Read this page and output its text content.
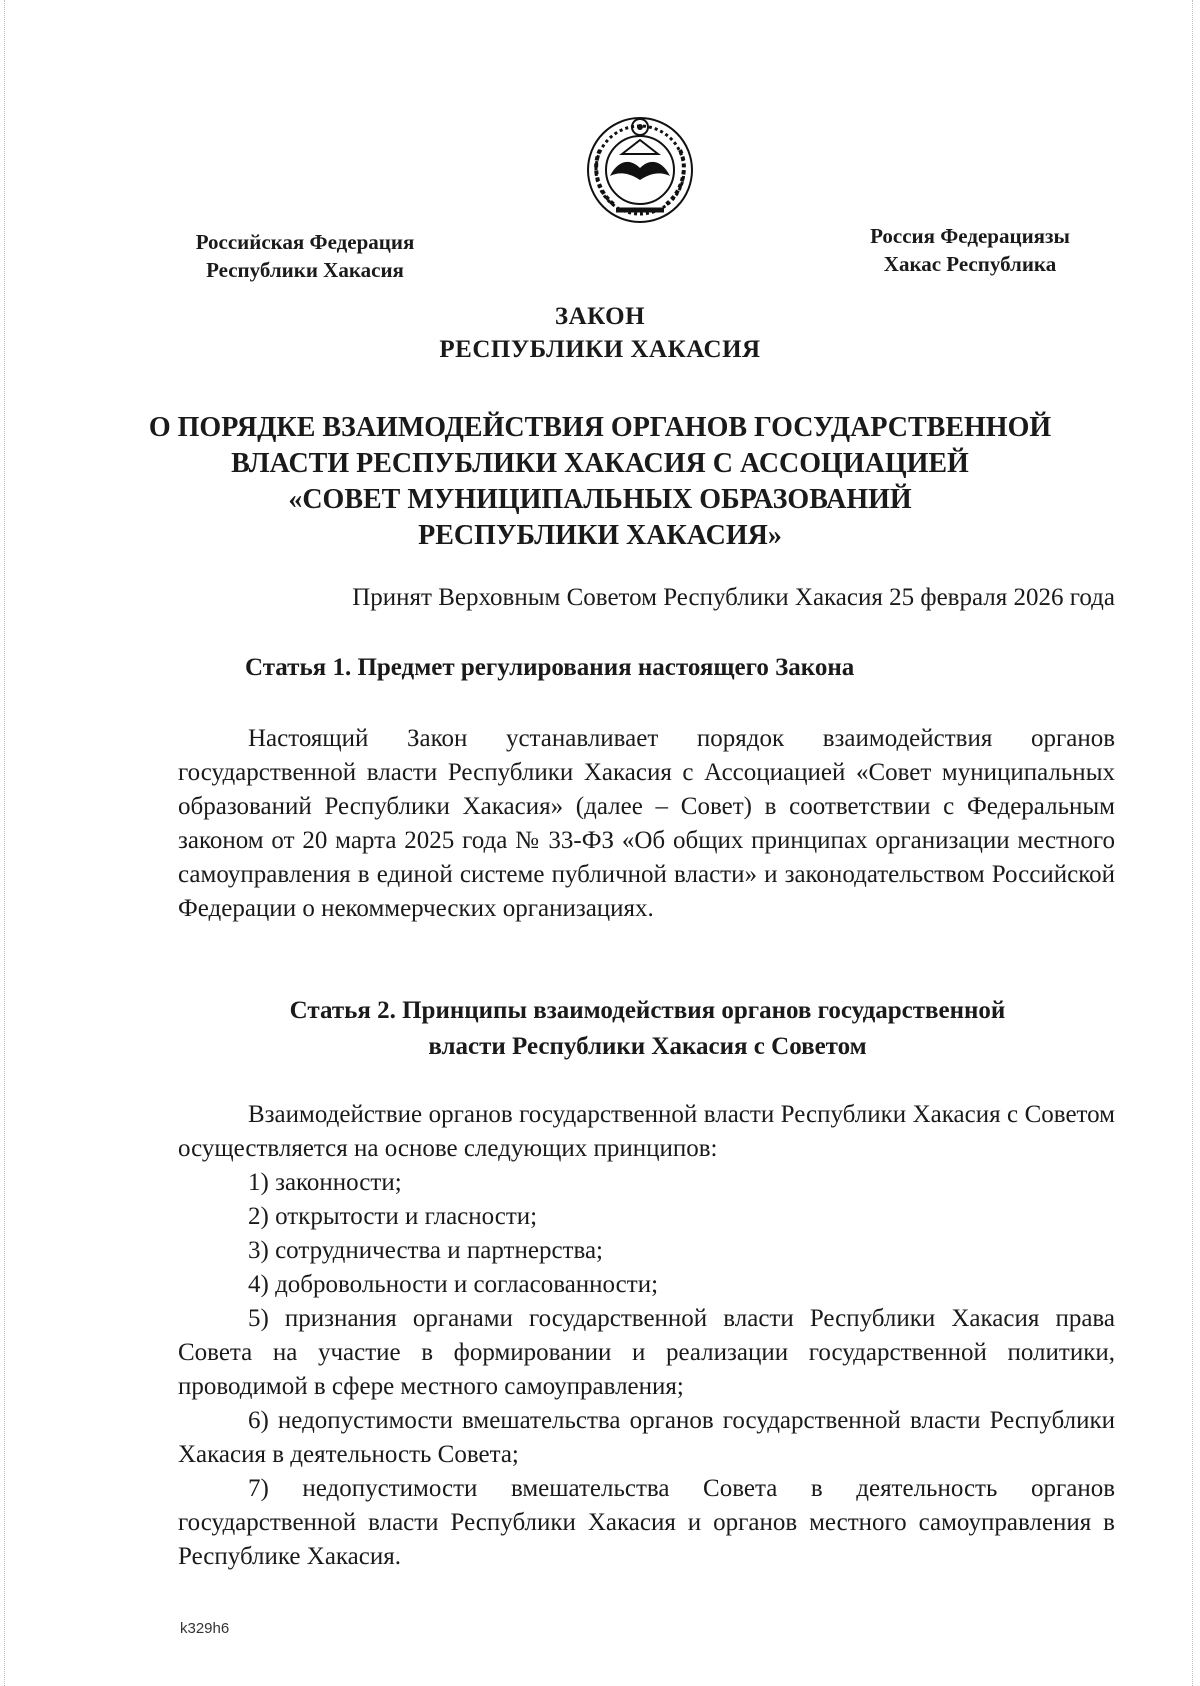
Российская Федерация
Республики Хакасия
Россия Федерациязы
Хакас Республика
ЗАКОН
РЕСПУБЛИКИ ХАКАСИЯ
О ПОРЯДКЕ ВЗАИМОДЕЙСТВИЯ ОРГАНОВ ГОСУДАРСТВЕННОЙ
ВЛАСТИ РЕСПУБЛИКИ ХАКАСИЯ С АССОЦИАЦИЕЙ
«СОВЕТ МУНИЦИПАЛЬНЫХ ОБРАЗОВАНИЙ
РЕСПУБЛИКИ ХАКАСИЯ»
Принят Верховным Советом Республики Хакасия 25 февраля 2026 года
Статья 1. Предмет регулирования настоящего Закона

Настоящий Закон устанавливает порядок взаимодействия органов государственной власти Республики Хакасия с Ассоциацией «Совет муниципальных образований Республики Хакасия» (далее – Совет) в соответствии с Федеральным законом от 20 марта 2025 года № 33-ФЗ «Об общих принципах организации местного самоуправления в единой системе публичной власти» и законодательством Российской Федерации о некоммерческих организациях.

Статья 2. Принципы взаимодействия органов государственной
власти Республики Хакасия с Советом

Взаимодействие органов государственной власти Республики Хакасия с Советом осуществляется на основе следующих принципов:

1) законности;
2) открытости и гласности;
3) сотрудничества и партнерства;
4) добровольности и согласованности;
5) признания органами государственной власти Республики Хакасия права Совета на участие в формировании и реализации государственной политики, проводимой в сфере местного самоуправления;
6) недопустимости вмешательства органов государственной власти Республики Хакасия в деятельность Совета;
7) недопустимости вмешательства Совета в деятельность органов государственной власти Республики Хакасия и органов местного самоуправления в Республике Хакасия.
k329h6
